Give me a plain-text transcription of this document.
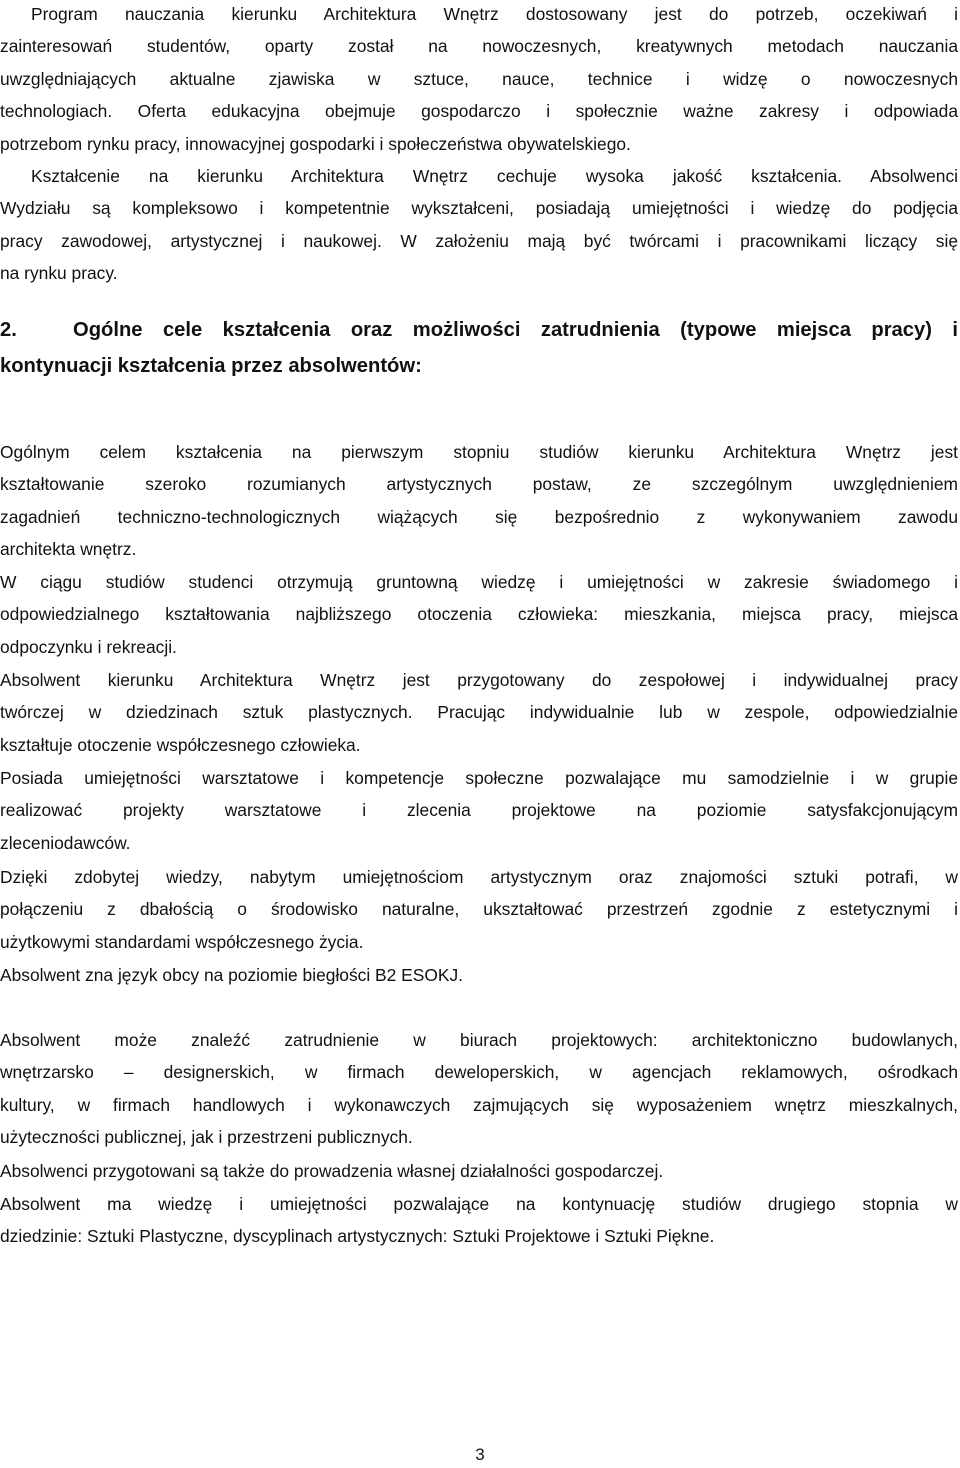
Program nauczania kierunku Architektura Wnętrz dostosowany jest do potrzeb, oczekiwań i
zainteresowań studentów, oparty został na nowoczesnych, kreatywnych metodach nauczania
uwzględniających aktualne zjawiska w sztuce, nauce, technice i widzę o nowoczesnych
technologiach. Oferta edukacyjna obejmuje gospodarczo i społecznie ważne zakresy i odpowiada
potrzebom rynku pracy, innowacyjnej gospodarki i społeczeństwa obywatelskiego.

Kształcenie na kierunku Architektura Wnętrz cechuje wysoka jakość kształcenia. Absolwenci
Wydziału są kompleksowo i kompetentnie wykształceni, posiadają umiejętności i wiedzę do podjęcia
pracy zawodowej, artystycznej i naukowej. W założeniu mają być twórcami i pracownikami liczący się
na rynku pracy.

2.	Ogólne cele kształcenia oraz możliwości zatrudnienia (typowe miejsca pracy) i
kontynuacji kształcenia przez absolwentów:

Ogólnym celem kształcenia na pierwszym stopniu studiów kierunku Architektura Wnętrz jest
kształtowanie szeroko rozumianych artystycznych postaw, ze szczególnym uwzględnieniem
zagadnień techniczno-technologicznych wiążących się bezpośrednio z wykonywaniem zawodu
architekta wnętrz.

W ciągu studiów studenci otrzymują gruntowną wiedzę i umiejętności w zakresie świadomego i
odpowiedzialnego kształtowania najbliższego otoczenia człowieka: mieszkania, miejsca pracy, miejsca
odpoczynku i rekreacji.

Absolwent kierunku Architektura Wnętrz jest przygotowany do zespołowej i indywidualnej pracy
twórczej w dziedzinach sztuk plastycznych. Pracując indywidualnie lub w zespole, odpowiedzialnie
kształtuje otoczenie współczesnego człowieka.

Posiada umiejętności warsztatowe i kompetencje społeczne pozwalające mu samodzielnie i w grupie
realizować projekty warsztatowe i zlecenia projektowe na poziomie satysfakcjonującym
zleceniodawców.

Dzięki zdobytej wiedzy, nabytym umiejętnościom artystycznym oraz znajomości sztuki potrafi, w
połączeniu z dbałością o środowisko naturalne, ukształtować przestrzeń zgodnie z estetycznymi i
użytkowymi standardami współczesnego życia.

Absolwent zna język obcy na poziomie biegłości B2 ESOKJ.

Absolwent może znaleźć zatrudnienie w biurach projektowych: architektoniczno budowlanych,
wnętrzarsko – designerskich, w firmach deweloperskich, w agencjach reklamowych, ośrodkach
kultury, w firmach handlowych i wykonawczych zajmujących się wyposażeniem wnętrz mieszkalnych,
użyteczności publicznej, jak i przestrzeni publicznych.

Absolwenci przygotowani są także do prowadzenia własnej działalności gospodarczej.

Absolwent ma wiedzę i umiejętności pozwalające na kontynuację studiów drugiego stopnia w
dziedzinie: Sztuki Plastyczne, dyscyplinach artystycznych: Sztuki Projektowe i Sztuki Piękne.

3
